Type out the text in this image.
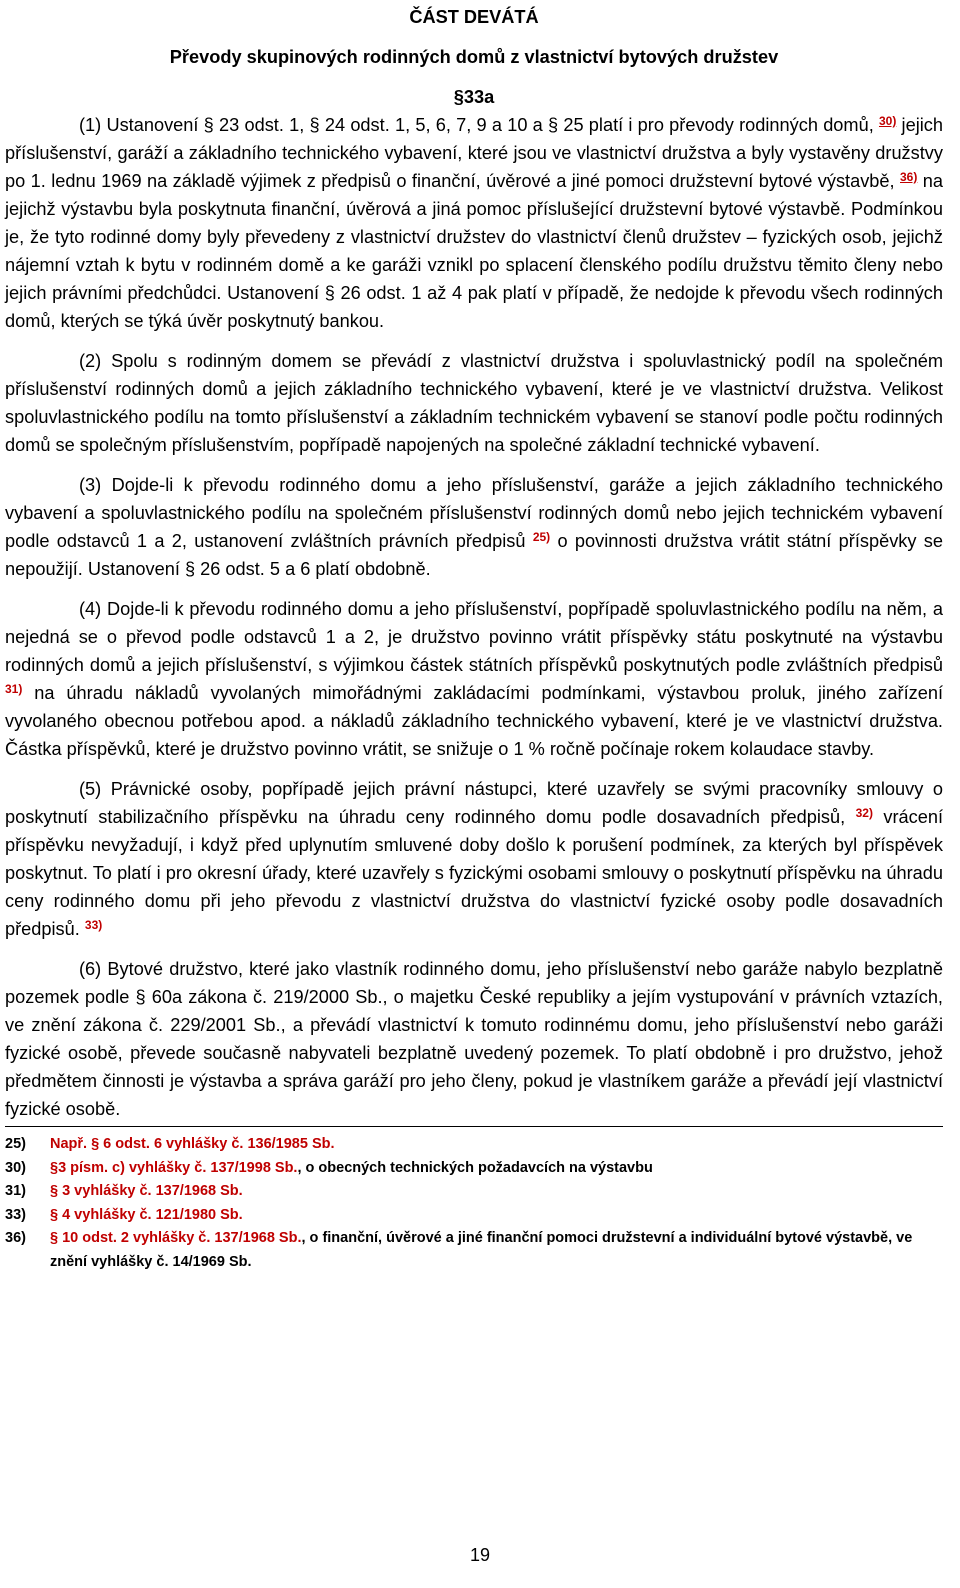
ČÁST DEVÁTÁ
Převody skupinových rodinných domů z vlastnictví bytových družstev
§33a

(1) Ustanovení § 23 odst. 1, § 24 odst. 1, 5, 6, 7, 9 a 10 a § 25 platí i pro převody rodinných domů, $^{30)}$ jejich příslušenství, garáží a základního technického vybavení, které jsou ve vlastnictví družstva a byly vystavěny družstvy po 1. lednu 1969 na základě výjimek z předpisů o finanční, úvěrové a jiné pomoci družstevní bytové výstavbě, $^{36)}$ na jejichž výstavbu byla poskytnuta finanční, úvěrová a jiná pomoc příslušející družstevní bytové výstavbě. Podmínkou je, že tyto rodinné domy byly převedeny z vlastnictví družstev do vlastnictví členů družstev – fyzických osob, jejichž nájemní vztah k bytu v rodinném domě a ke garáži vznikl po splacení členského podílu družstvu těmito členy nebo jejich právními předchůdci. Ustanovení § 26 odst. 1 až 4 pak platí v případě, že nedojde k převodu všech rodinných domů, kterých se týká úvěr poskytnutý bankou.

(2) Spolu s rodinným domem se převádí z vlastnictví družstva i spoluvlastnický podíl na společném příslušenství rodinných domů a jejich základního technického vybavení, které je ve vlastnictví družstva. Velikost spoluvlastnického podílu na tomto příslušenství a základním technickém vybavení se stanoví podle počtu rodinných domů se společným příslušenstvím, popřípadě napojených na společné základní technické vybavení.

(3) Dojde-li k převodu rodinného domu a jeho příslušenství, garáže a jejich základního technického vybavení a spoluvlastnického podílu na společném příslušenství rodinných domů nebo jejich technickém vybavení podle odstavců 1 a 2, ustanovení zvláštních právních předpisů $^{25)}$ o povinnosti družstva vrátit státní příspěvky se nepoužijí. Ustanovení § 26 odst. 5 a 6 platí obdobně.

(4) Dojde-li k převodu rodinného domu a jeho příslušenství, popřípadě spoluvlastnického podílu na něm, a nejedná se o převod podle odstavců 1 a 2, je družstvo povinno vrátit příspěvky státu poskytnuté na výstavbu rodinných domů a jejich příslušenství, s výjimkou částek státních příspěvků poskytnutých podle zvláštních předpisů $^{31)}$ na úhradu nákladů vyvolaných mimořádnými zakládacími podmínkami, výstavbou proluk, jiného zařízení vyvolaného obecnou potřebou apod. a nákladů základního technického vybavení, které je ve vlastnictví družstva. Částka příspěvků, které je družstvo povinno vrátit, se snižuje o 1 % ročně počínaje rokem kolaudace stavby.

(5) Právnické osoby, popřípadě jejich právní nástupci, které uzavřely se svými pracovníky smlouvy o poskytnutí stabilizačního příspěvku na úhradu ceny rodinného domu podle dosavadních předpisů, $^{32)}$ vrácení příspěvku nevyžadují, i když před uplynutím smluvené doby došlo k porušení podmínek, za kterých byl příspěvek poskytnut. To platí i pro okresní úřady, které uzavřely s fyzickými osobami smlouvy o poskytnutí příspěvku na úhradu ceny rodinného domu při jeho převodu z vlastnictví družstva do vlastnictví fyzické osoby podle dosavadních předpisů. $^{33)}$

(6) Bytové družstvo, které jako vlastník rodinného domu, jeho příslušenství nebo garáže nabylo bezplatně pozemek podle § 60a zákona č. 219/2000 Sb., o majetku České republiky a jejím vystupování v právních vztazích, ve znění zákona č. 229/2001 Sb., a převádí vlastnictví k tomuto rodinnému domu, jeho příslušenství nebo garáži fyzické osobě, převede současně nabyvateli bezplatně uvedený pozemek. To platí obdobně i pro družstvo, jehož předmětem činnosti je výstavba a správa garáží pro jeho členy, pokud je vlastníkem garáže a převádí její vlastnictví fyzické osobě.

25)	Např. § 6 odst. 6 vyhlášky č. 136/1985 Sb.
30)	§3 písm. c) vyhlášky č. 137/1998 Sb., o obecných technických požadavcích na výstavbu
31)	§ 3 vyhlášky č. 137/1968 Sb.
33)	§ 4 vyhlášky č. 121/1980 Sb.
36)	§ 10 odst. 2 vyhlášky č. 137/1968 Sb., o finanční, úvěrové a jiné finanční pomoci družstevní a individuální bytové výstavbě, ve znění vyhlášky č. 14/1969 Sb.
19
